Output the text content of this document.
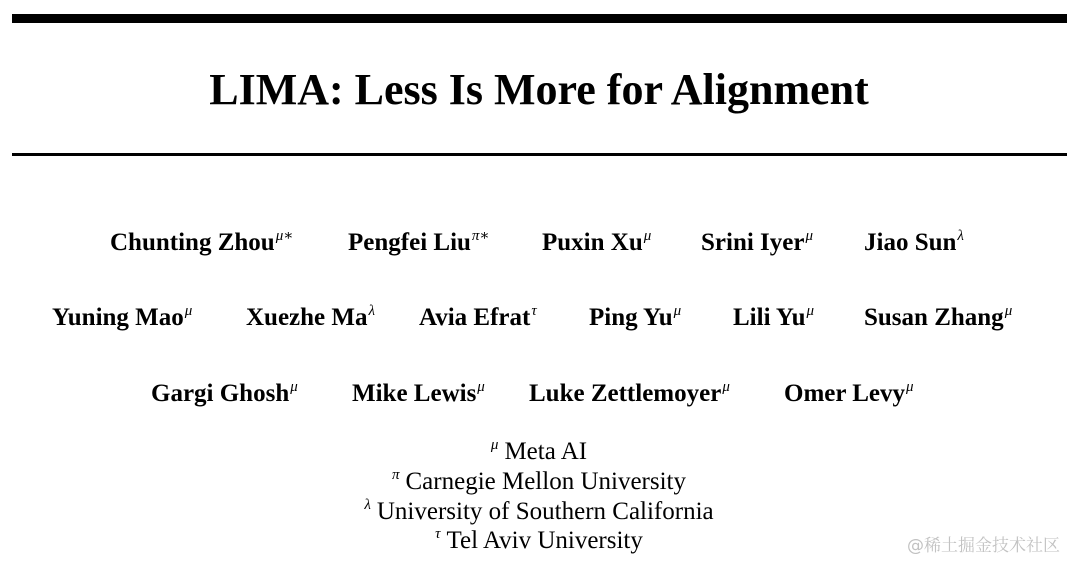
LIMA: Less Is More for Alignment
Chunting Zhou$^{\mu∗}$ Pengfei Liu$^{\pi∗}$ Puxin $Xu^\mu$ Srini Iyer$^\mu$ Jiao Sun$^\lambda$
Yuning Mao$^\mu$ Xuezhe $Ma^\lambda$ Avia Efrat$^\tau$ Ping $Yu^\mu$ Lili $Yu^\mu$ Susan Zhang$^\mu$
Gargi Ghosh$^\mu$ Mike Lewis$^\mu$ Luke Zettlemoyer$^\mu$ Omer Levy$^\mu$
$^\mu$ Meta AI
$^\pi$ Carnegie Mellon University
$^\lambda$ University of Southern California
$^\tau$ Tel Aviv University	@稀土掘金技术社区
